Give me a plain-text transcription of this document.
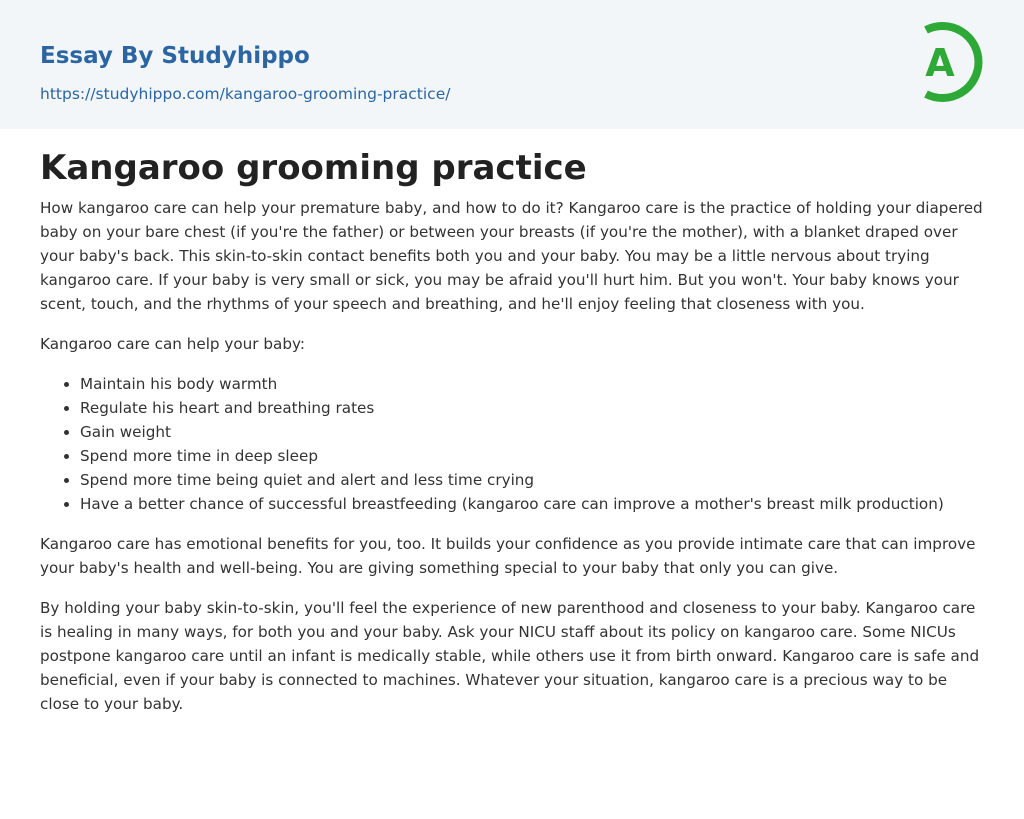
Essay By Studyhippo
https://studyhippo.com/kangaroo-grooming-practice/
A
Kangaroo grooming practice

How kangaroo care can help your premature baby, and how to do it? Kangaroo care is the practice of holding your diapered baby on your bare chest (if you're the father) or between your breasts (if you're the mother), with a blanket draped over your baby's back. This skin-to-skin contact benefits both you and your baby. You may be a little nervous about trying kangaroo care. If your baby is very small or sick, you may be afraid you'll hurt him. But you won't. Your baby knows your scent, touch, and the rhythms of your speech and breathing, and he'll enjoy feeling that closeness with you.

Kangaroo care can help your baby:

• Maintain his body warmth
• Regulate his heart and breathing rates
• Gain weight
• Spend more time in deep sleep
• Spend more time being quiet and alert and less time crying
• Have a better chance of successful breastfeeding (kangaroo care can improve a mother's breast milk production)

Kangaroo care has emotional benefits for you, too. It builds your confidence as you provide intimate care that can improve your baby's health and well-being. You are giving something special to your baby that only you can give.

By holding your baby skin-to-skin, you'll feel the experience of new parenthood and closeness to your baby. Kangaroo care is healing in many ways, for both you and your baby. Ask your NICU staff about its policy on kangaroo care. Some NICUs postpone kangaroo care until an infant is medically stable, while others use it from birth onward. Kangaroo care is safe and beneficial, even if your baby is connected to machines. Whatever your situation, kangaroo care is a precious way to be close to your baby.
